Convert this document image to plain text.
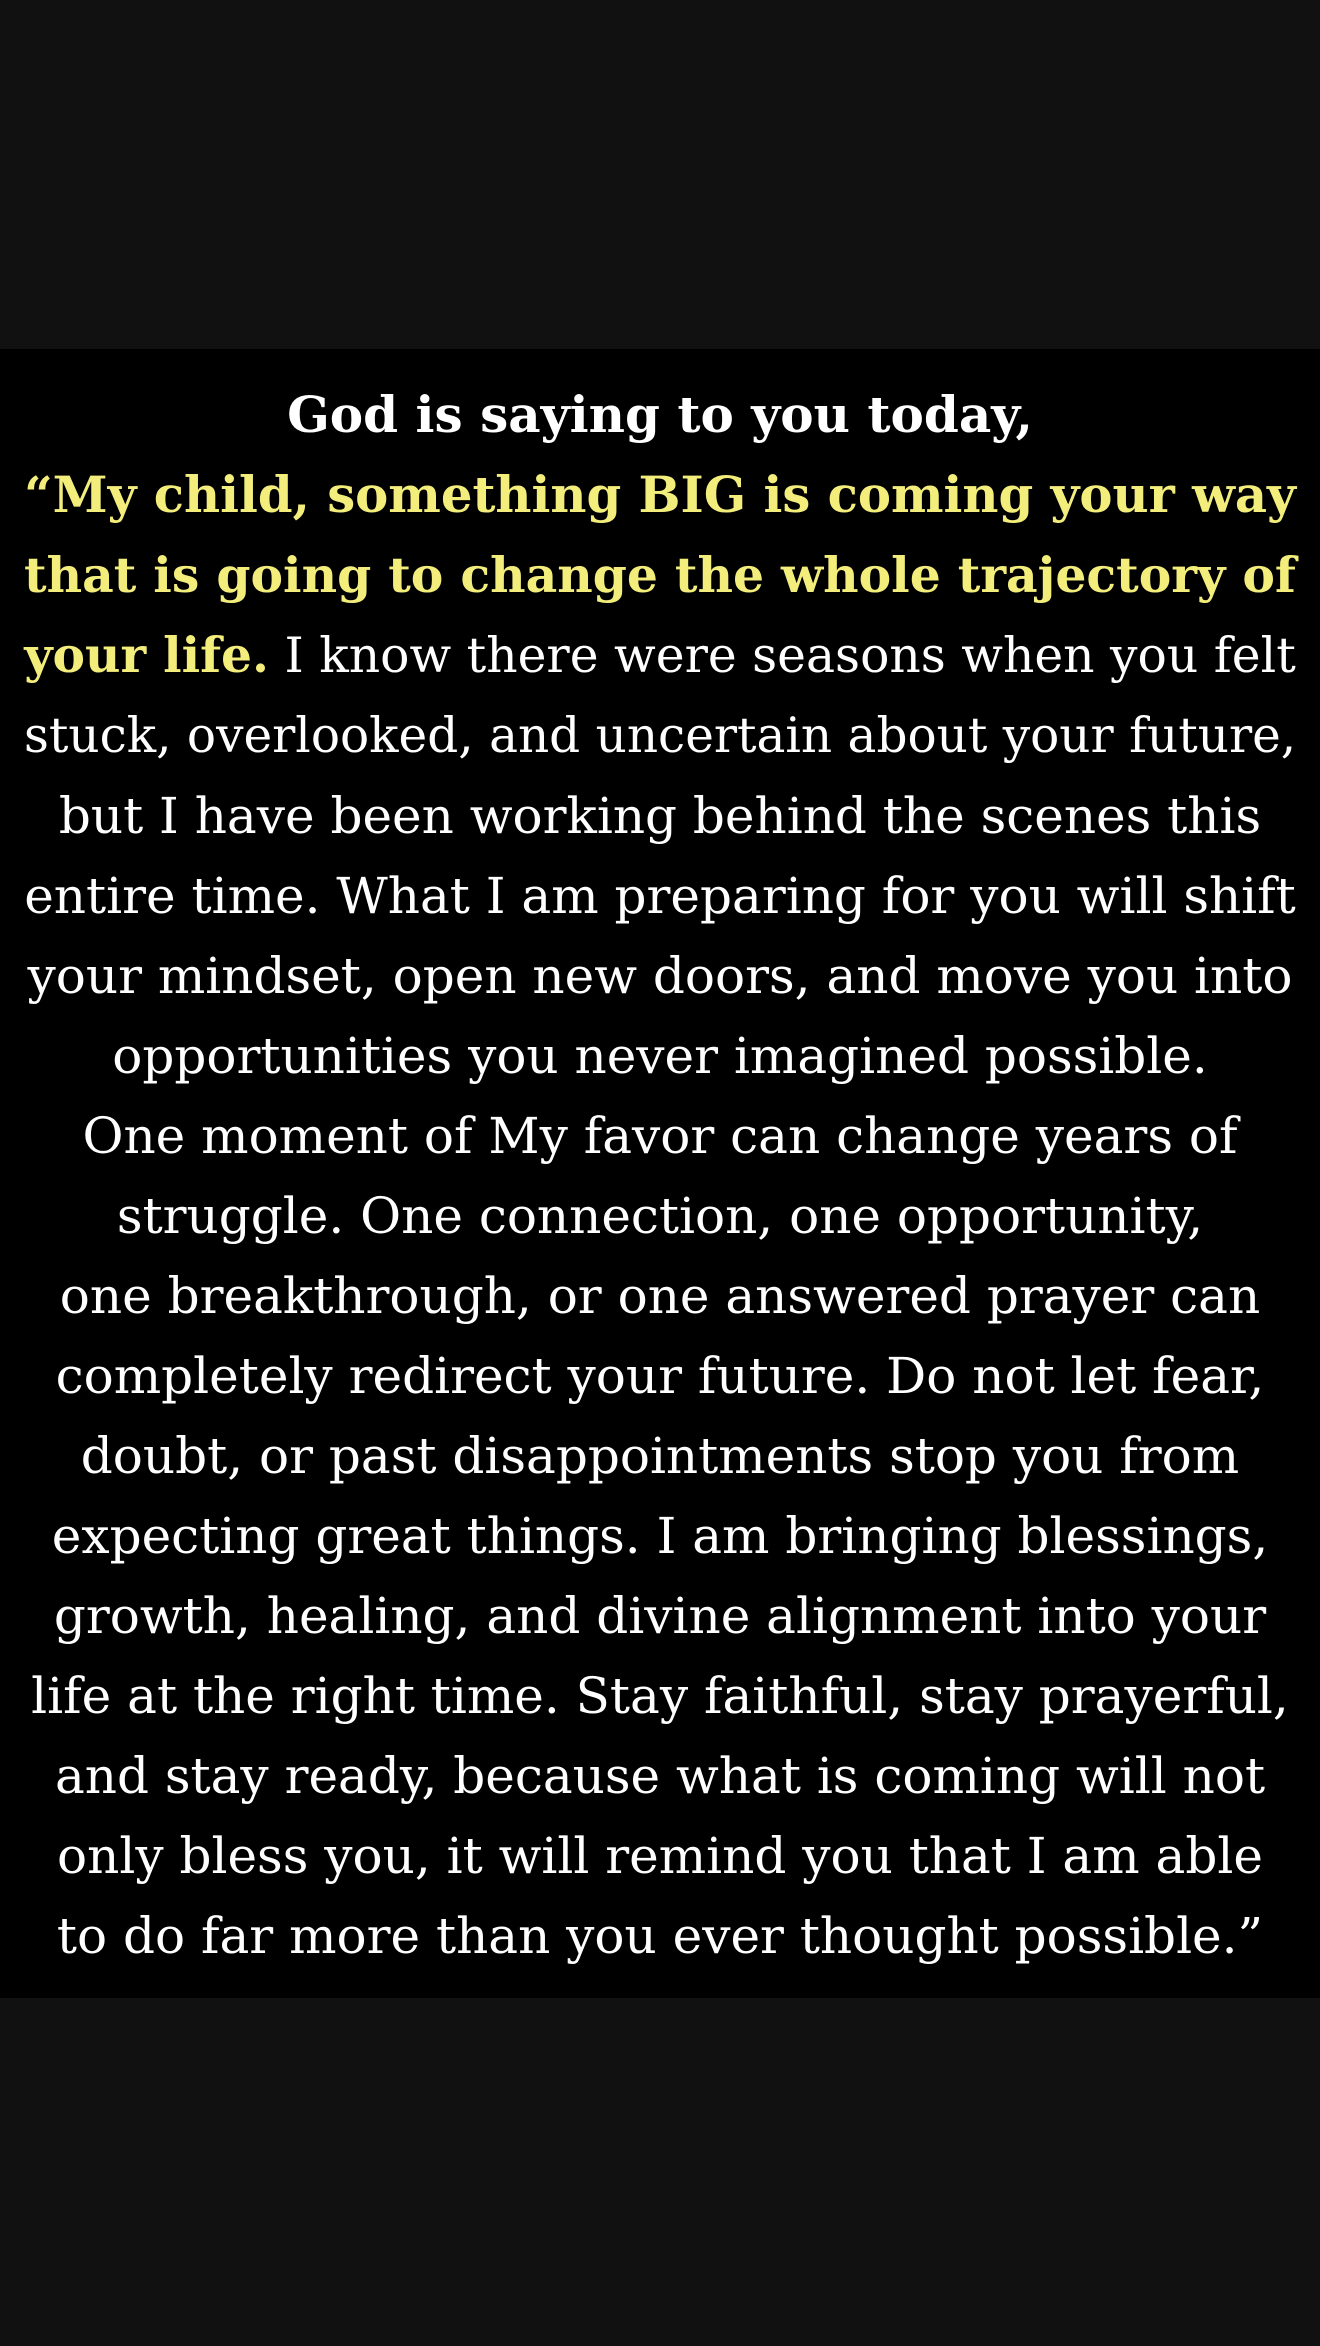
God is saying to you today,
“My child, something BIG is coming your way
that is going to change the whole trajectory of
your life. I know there were seasons when you felt
stuck, overlooked, and uncertain about your future,
but I have been working behind the scenes this
entire time. What I am preparing for you will shift
your mindset, open new doors, and move you into
opportunities you never imagined possible.
One moment of My favor can change years of
struggle. One connection, one opportunity,
one breakthrough, or one answered prayer can
completely redirect your future. Do not let fear,
doubt, or past disappointments stop you from
expecting great things. I am bringing blessings,
growth, healing, and divine alignment into your
life at the right time. Stay faithful, stay prayerful,
and stay ready, because what is coming will not
only bless you, it will remind you that I am able
to do far more than you ever thought possible.”
